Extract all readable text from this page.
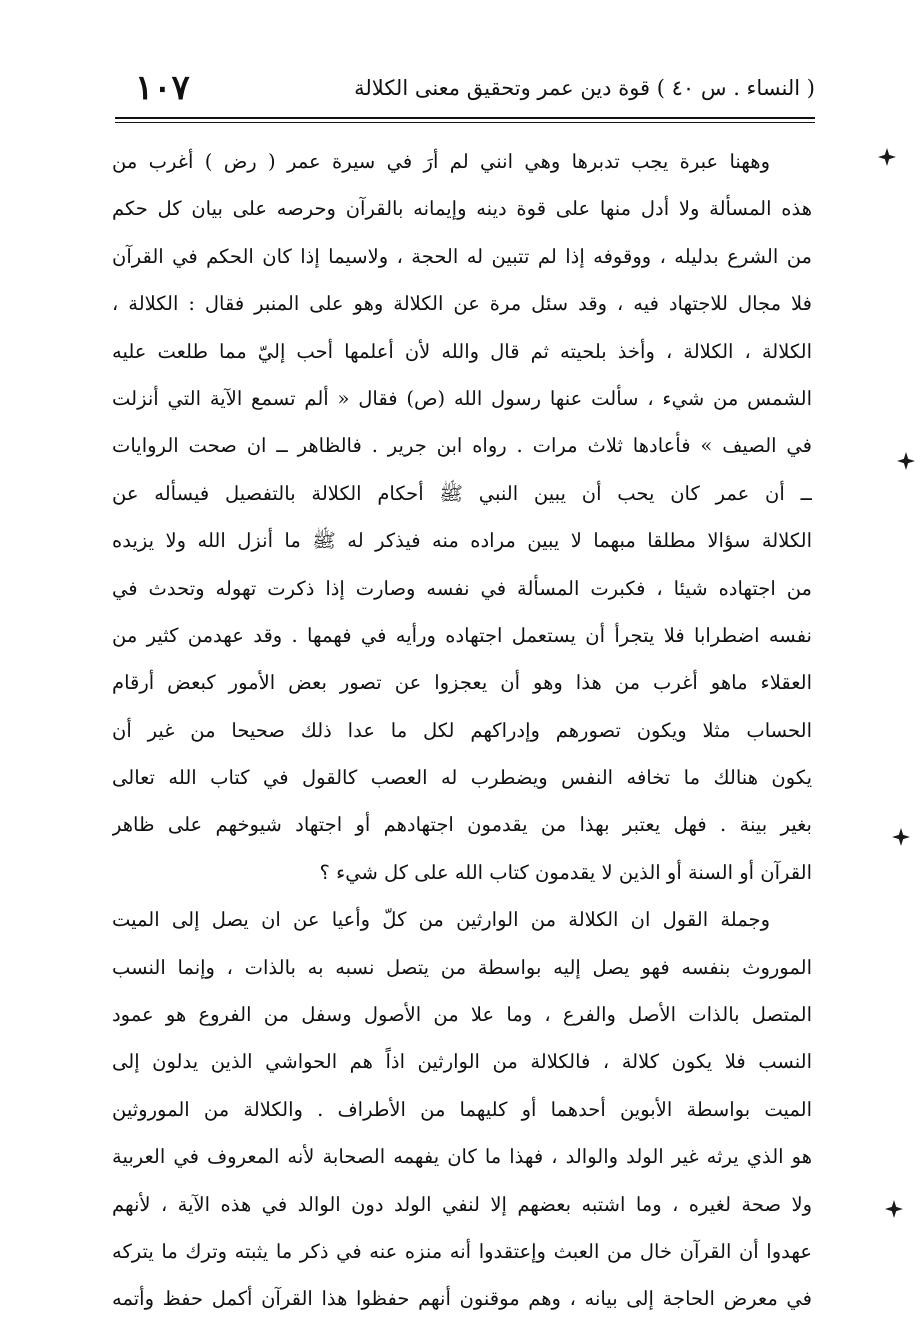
( النساء . س ٤٠ ) قوة دين عمر وتحقيق معنى الكلالة
١٠٧
وههنا عبرة يجب تدبرها وهي انني لم أرَ في سيرة عمر ( رض ) أغرب من
هذه المسألة ولا أدل منها على قوة دينه وإيمانه بالقرآن وحرصه على بيان كل حكم
من الشرع بدليله ، ووقوفه إذا لم تتبين له الحجة ، ولاسيما إذا كان الحكم في القرآن
فلا مجال للاجتهاد فيه ، وقد سئل مرة عن الكلالة وهو على المنبر فقال : الكلالة ،
الكلالة ، الكلالة ، وأخذ بلحيته ثم قال والله لأن أعلمها أحب إليّ مما طلعت عليه
الشمس من شيء ، سألت عنها رسول الله (ص) فقال « ألم تسمع الآية التي أنزلت
في الصيف » فأعادها ثلاث مرات . رواه ابن جرير . فالظاهر ــ ان صحت الروايات
ــ أن عمر كان يحب أن يبين النبي ﷺ أحكام الكلالة بالتفصيل فيسأله عن
الكلالة سؤالا مطلقا مبهما لا يبين مراده منه فيذكر له ﷺ ما أنزل الله ولا يزيده
من اجتهاده شيئا ، فكبرت المسألة في نفسه وصارت إذا ذكرت تهوله وتحدث في
نفسه اضطرابا فلا يتجرأ أن يستعمل اجتهاده ورأيه في فهمها . وقد عهدمن كثير من
العقلاء ماهو أغرب من هذا وهو أن يعجزوا عن تصور بعض الأمور كبعض أرقام
الحساب مثلا ويكون تصورهم وإدراكهم لكل ما عدا ذلك صحيحا من غير أن
يكون هنالك ما تخافه النفس ويضطرب له العصب كالقول في كتاب الله تعالى
بغير بينة . فهل يعتبر بهذا من يقدمون اجتهادهم أو اجتهاد شيوخهم على ظاهر
القرآن أو السنة أو الذين لا يقدمون كتاب الله على كل شيء ؟
وجملة القول ان الكلالة من الوارثين من كلّ وأعيا عن ان يصل إلى الميت
الموروث بنفسه فهو يصل إليه بواسطة من يتصل نسبه به بالذات ، وإنما النسب
المتصل بالذات الأصل والفرع ، وما علا من الأصول وسفل من الفروع هو عمود
النسب فلا يكون كلالة ، فالكلالة من الوارثين اذاً هم الحواشي الذين يدلون إلى
الميت بواسطة الأبوين أحدهما أو كليهما من الأطراف . والكلالة من الموروثين
هو الذي يرثه غير الولد والوالد ، فهذا ما كان يفهمه الصحابة لأنه المعروف في العربية
ولا صحة لغيره ، وما اشتبه بعضهم إلا لنفي الولد دون الوالد في هذه الآية ، لأنهم
عهدوا أن القرآن خال من العبث وإعتقدوا أنه منزه عنه في ذكر ما يثبته وترك ما يتركه
في معرض الحاجة إلى بيانه ، وهم موقنون أنهم حفظوا هذا القرآن أكمل حفظ وأتمه
